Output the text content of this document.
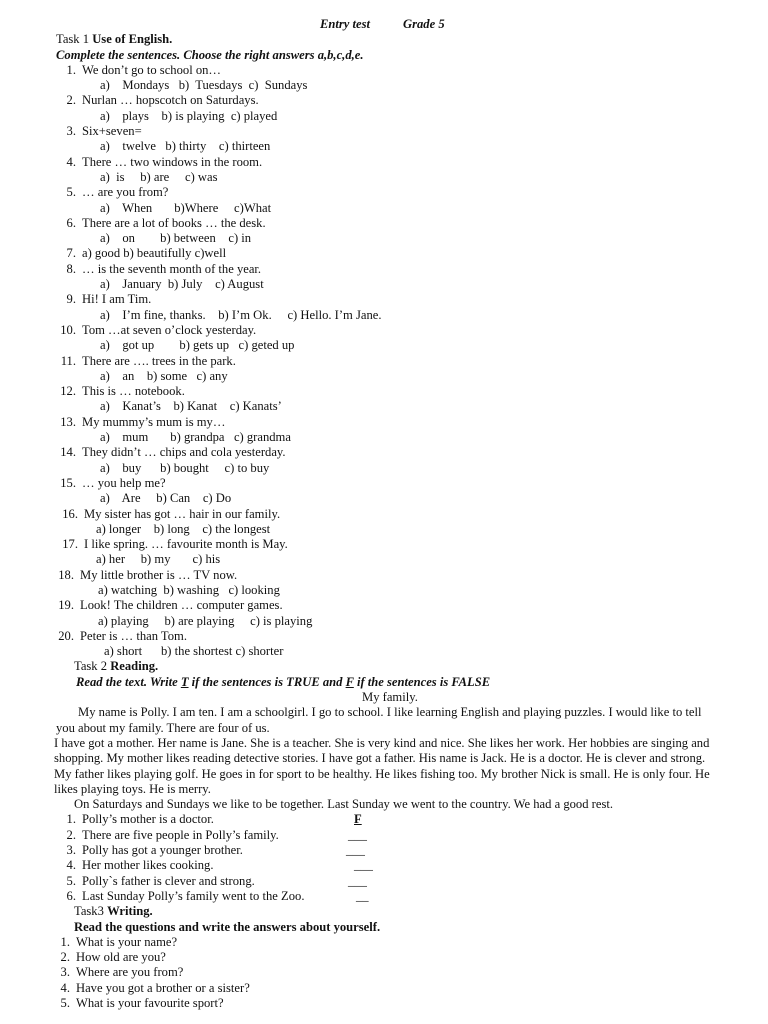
Entry test	Grade 5
Task 1 Use of English.
Complete the sentences. Choose the right answers a,b,c,d,e.
1. We don’t go to school on…
a)    Mondays   b)  Tuesdays  c)  Sundays
2. Nurlan … hopscotch on Saturdays.
a)    plays    b) is playing  c) played
3. Six+seven=
a)    twelve   b) thirty    c) thirteen
4. There … two windows in the room.
a)  is     b) are     c) was
5. … are you from?
a)    When       b)Where     c)What
6. There are a lot of books … the desk.
a)    on        b) between    c) in
7. a) good b) beautifully c)well
8. … is the seventh month of the year.
a)    January  b) July    c) August
9. Hi! I am Tim.
a)    I’m fine, thanks.    b) I’m Ok.     c) Hello. I’m Jane.
10. Tom …at seven o’clock yesterday.
a)    got up        b) gets up   c) geted up
11. There are …. trees in the park.
a)    an    b) some   c) any
12. This is … notebook.
a)    Kanat’s    b) Kanat    c) Kanats’
13. My mummy’s mum is my…
a)    mum       b) grandpa   c) grandma
14. They didn’t … chips and cola yesterday.
a)    buy      b) bought     c) to buy
15. … you help me?
a)    Are     b) Can    c) Do
16. My sister has got … hair in our family.
a) longer    b) long    c) the longest
17. I like spring. … favourite month is May.
a) her     b) my       c) his
18. My little brother is … TV now.
a) watching  b) washing   c) looking
19. Look! The children … computer games.
a) playing     b) are playing     c) is playing
20. Peter is … than Tom.
a) short      b) the shortest c) shorter
Task 2 Reading.
Read the text. Write T if the sentences is TRUE and F if the sentences is FALSE
My family.
My name is Polly. I am ten. I am a schoolgirl. I go to school. I like learning English and playing puzzles. I would like to tell you about my family. There are four of us.
I have got a mother. Her name is Jane. She is a teacher. She is very kind and nice. She likes her work. Her hobbies are singing and shopping. My mother likes reading detective stories. I have got a father. His name is Jack. He is a doctor. He is clever and strong. My father likes playing golf. He goes in for sport to be healthy. He likes fishing too. My brother Nick is small. He is only four. He likes playing toys. He is merry.
On Saturdays and Sundays we like to be together. Last Sunday we went to the country. We had a good rest.
1. Polly’s mother is a doctor.	F
2. There are five people in Polly’s family.	___
3. Polly has got a younger brother.	___
4. Her mother likes cooking.	___
5. Polly`s father is clever and strong.	___
6. Last Sunday Polly’s family went to the Zoo.	__
Task3 Writing.
Read the questions and write the answers about yourself.
1. What is your name?
2. How old are you?
3. Where are you from?
4. Have you got a brother or a sister?
5. What is your favourite sport?
